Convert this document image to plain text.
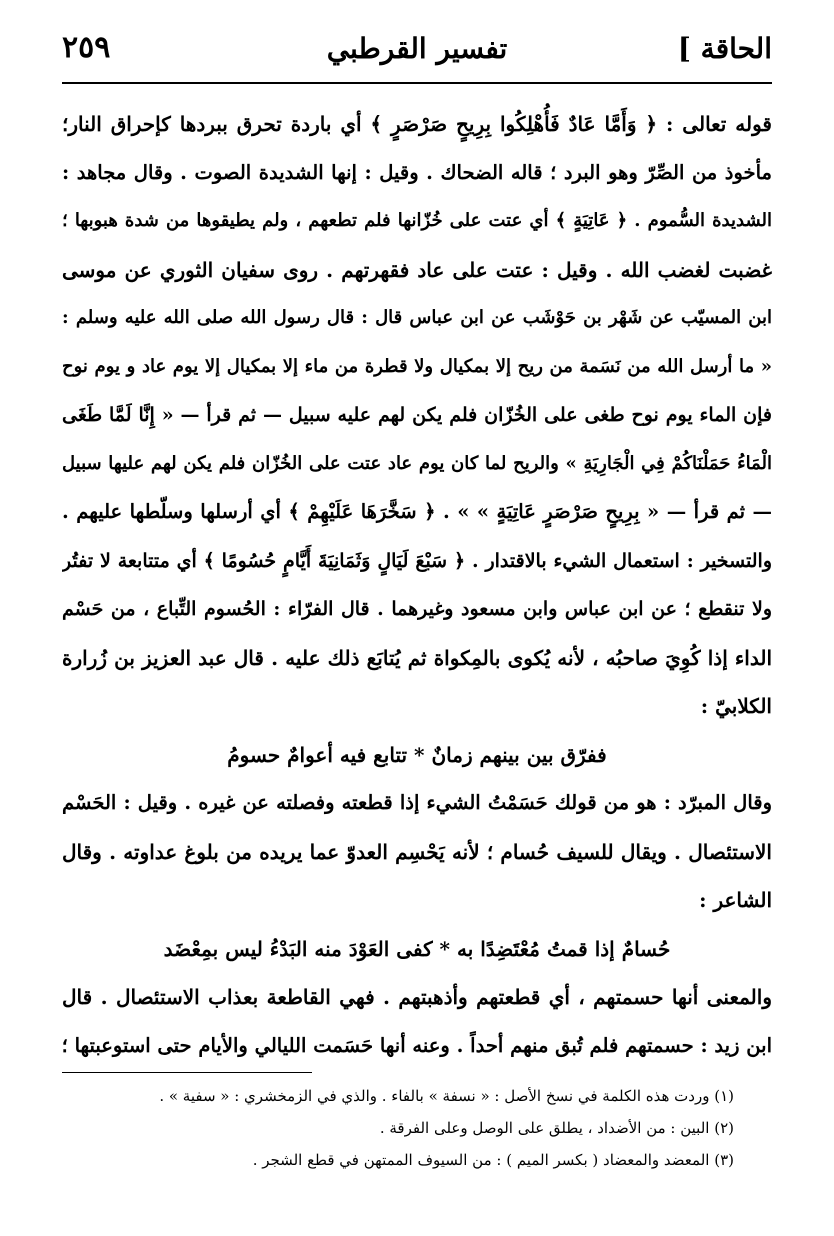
الحاقة ]
تفسير القرطبي
٢٥٩
قوله تعالى : ﴿ وَأَمَّا عَادٌ فَأُهْلِكُوا بِرِيحٍ صَرْصَرٍ ﴾ أي باردة تحرق ببردها كإحراق النار؛
مأخوذ من الصِّرّ وهو البرد ؛ قاله الضحاك . وقيل : إنها الشديدة الصوت . وقال مجاهد :
الشديدة السُّموم . ﴿ عَاتِيَةٍ ﴾ أي عتت على خُزّانها فلم تطعهم ، ولم يطيقوها من شدة هبوبها ؛
غضبت لغضب الله . وقيل : عتت على عاد فقهرتهم . روى سفيان الثوري عن موسى
ابن المسيّب عن شَهْر بن حَوْشَب عن ابن عباس قال : قال رسول الله صلى الله عليه وسلم :
« ما أرسل الله من نَسَمة من ريح إلا بمكيال ولا قطرة من ماء إلا بمكيال إلا يوم عاد و يوم نوح
فإن الماء يوم نوح طغى على الخُزّان فلم يكن لهم عليه سبيل — ثم قرأ — « إِنَّا لَمَّا طَغَى
الْمَاءُ حَمَلْنَاكُمْ فِي الْجَارِيَةِ » والريح لما كان يوم عاد عتت على الخُزّان فلم يكن لهم عليها سبيل
— ثم قرأ — « بِرِيحٍ صَرْصَرٍ عَاتِيَةٍ » » . ﴿ سَخَّرَهَا عَلَيْهِمْ ﴾ أي أرسلها وسلّطها عليهم .
والتسخير : استعمال الشيء بالاقتدار . ﴿ سَبْعَ لَيَالٍ وَثَمَانِيَةَ أَيَّامٍ حُسُومًا ﴾ أي متتابعة لا تفتُر
ولا تنقطع ؛ عن ابن عباس وابن مسعود وغيرهما . قال الفرّاء : الحُسوم التِّباع ، من حَسْم
الداء إذا كُوِيَ صاحبُه ، لأنه يُكوى بالمِكواة ثم يُتابَع ذلك عليه . قال عبد العزيز بن زُرارة
الكلابيّ :
ففرّق بين بينهم زمانٌ * تتابع فيه أعوامٌ حسومُ
وقال المبرّد : هو من قولك حَسَمْتُ الشيء إذا قطعته وفصلته عن غيره . وقيل : الحَسْم
الاستئصال . ويقال للسيف حُسام ؛ لأنه يَحْسِم العدوّ عما يريده من بلوغ عداوته . وقال
الشاعر :
حُسامٌ إذا قمتُ مُعْتَضِدًا به * كفى العَوْدَ منه البَدْءُ ليس بمِعْضَد
والمعنى أنها حسمتهم ، أي قطعتهم وأذهبتهم . فهي القاطعة بعذاب الاستئصال . قال
ابن زيد : حسمتهم فلم تُبق منهم أحداً . وعنه أنها حَسَمت الليالي والأيام حتى استوعبتها ؛
(١) وردت هذه الكلمة في نسخ الأصل : « نسفة » بالفاء . والذي في الزمخشري : « سفية » .
(٢) البين : من الأضداد ، يطلق على الوصل وعلى الفرقة .
(٣) المعضد والمعضاد ( بكسر الميم ) : من السيوف الممتهن في قطع الشجر .
